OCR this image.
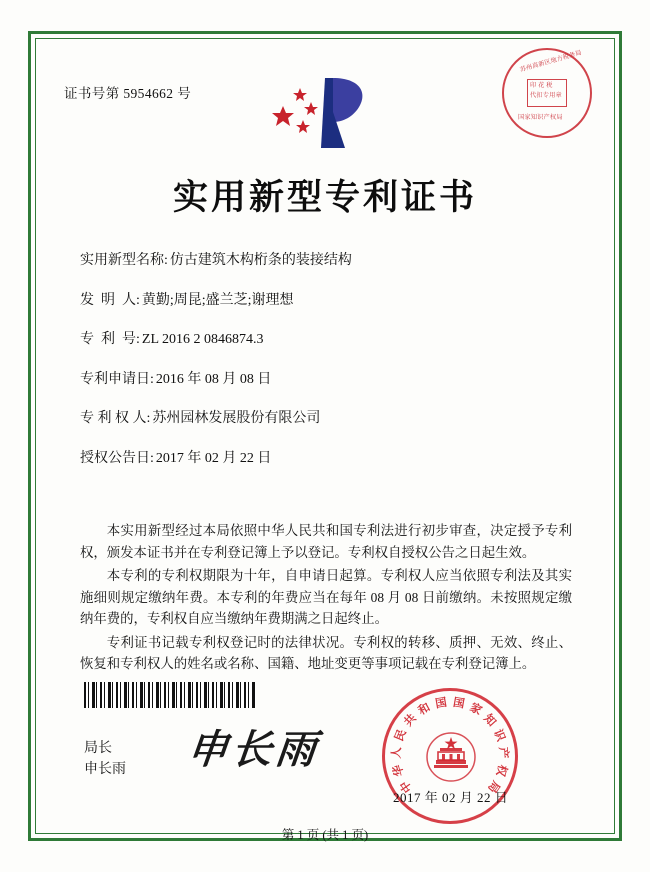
证书号第 5954662 号
苏州高新区地方税务局
印 花 税
代扣专用章
国家知识产权局
实用新型专利证书
实用新型名称: 仿古建筑木构桁条的装接结构
发  明  人: 黄勤;周昆;盛兰芝;谢理想
专  利  号: ZL 2016 2 0846874.3
专利申请日: 2016 年 08 月 08 日
专 利 权 人: 苏州园林发展股份有限公司
授权公告日: 2017 年 02 月 22 日

本实用新型经过本局依照中华人民共和国专利法进行初步审查，决定授予专利权，颁发本证书并在专利登记簿上予以登记。专利权自授权公告之日起生效。

本专利的专利权期限为十年，自申请日起算。专利权人应当依照专利法及其实施细则规定缴纳年费。本专利的年费应当在每年 08 月 08 日前缴纳。未按照规定缴纳年费的，专利权自应当缴纳年费期满之日起终止。

专利证书记载专利权登记时的法律状况。专利权的转移、质押、无效、终止、恢复和专利权人的姓名或名称、国籍、地址变更等事项记载在专利登记簿上。

局长
申长雨 申长雨
中
华
人
民
共
和 国 国 家
知
识
产
权
局
2017 年 02 月 22 日
第 1 页 (共 1 页)
